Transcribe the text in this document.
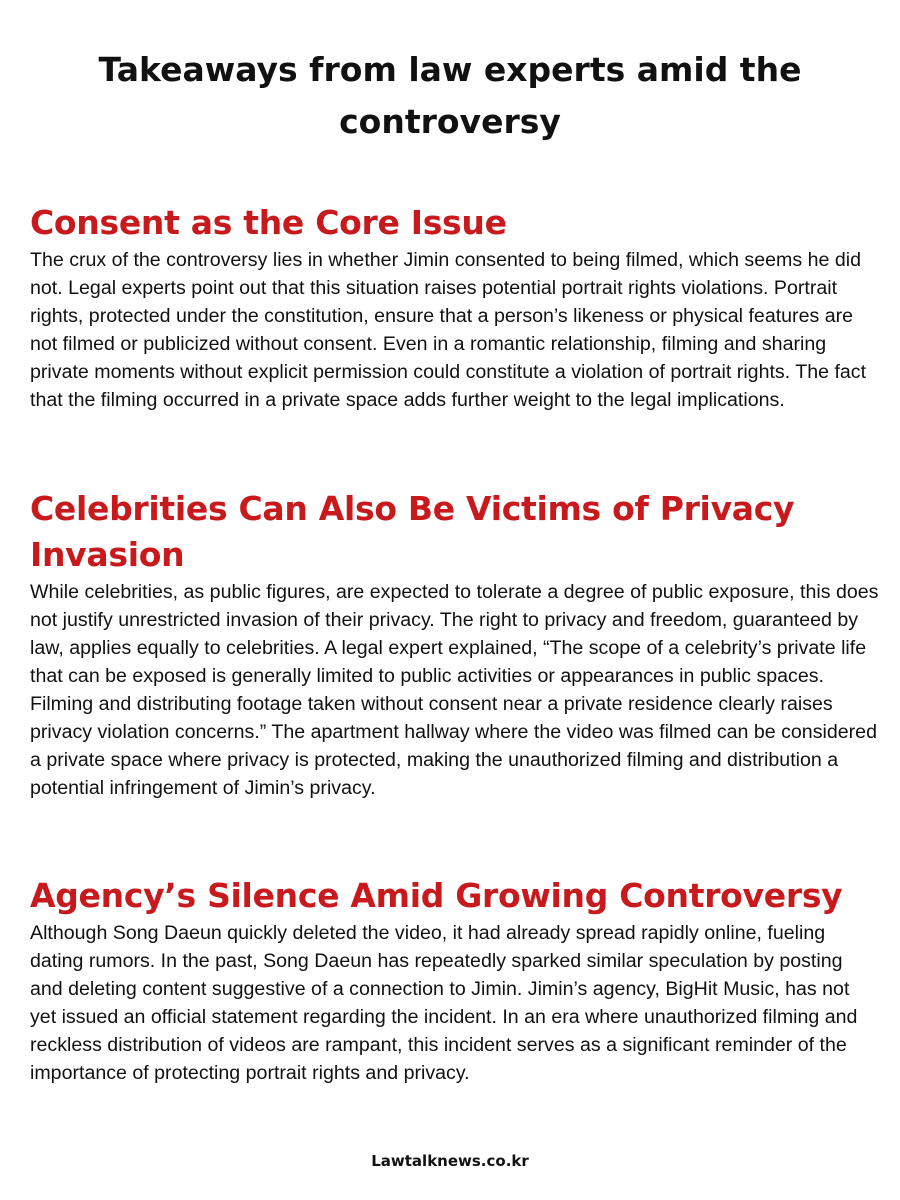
Takeaways from law experts amid the controversy
Consent as the Core Issue

The crux of the controversy lies in whether Jimin consented to being filmed, which seems he did not. Legal experts point out that this situation raises potential portrait rights violations. Portrait rights, protected under the constitution, ensure that a person’s likeness or physical features are not filmed or publicized without consent. Even in a romantic relationship, filming and sharing private moments without explicit permission could constitute a violation of portrait rights. The fact that the filming occurred in a private space adds further weight to the legal implications.

Celebrities Can Also Be Victims of Privacy Invasion

While celebrities, as public figures, are expected to tolerate a degree of public exposure, this does not justify unrestricted invasion of their privacy. The right to privacy and freedom, guaranteed by law, applies equally to celebrities. A legal expert explained, “The scope of a celebrity’s private life that can be exposed is generally limited to public activities or appearances in public spaces. Filming and distributing footage taken without consent near a private residence clearly raises privacy violation concerns.” The apartment hallway where the video was filmed can be considered a private space where privacy is protected, making the unauthorized filming and distribution a potential infringement of Jimin’s privacy.

Agency’s Silence Amid Growing Controversy

Although Song Daeun quickly deleted the video, it had already spread rapidly online, fueling dating rumors. In the past, Song Daeun has repeatedly sparked similar speculation by posting and deleting content suggestive of a connection to Jimin. Jimin’s agency, BigHit Music, has not yet issued an official statement regarding the incident. In an era where unauthorized filming and reckless distribution of videos are rampant, this incident serves as a significant reminder of the importance of protecting portrait rights and privacy.

Lawtalknews.co.kr
